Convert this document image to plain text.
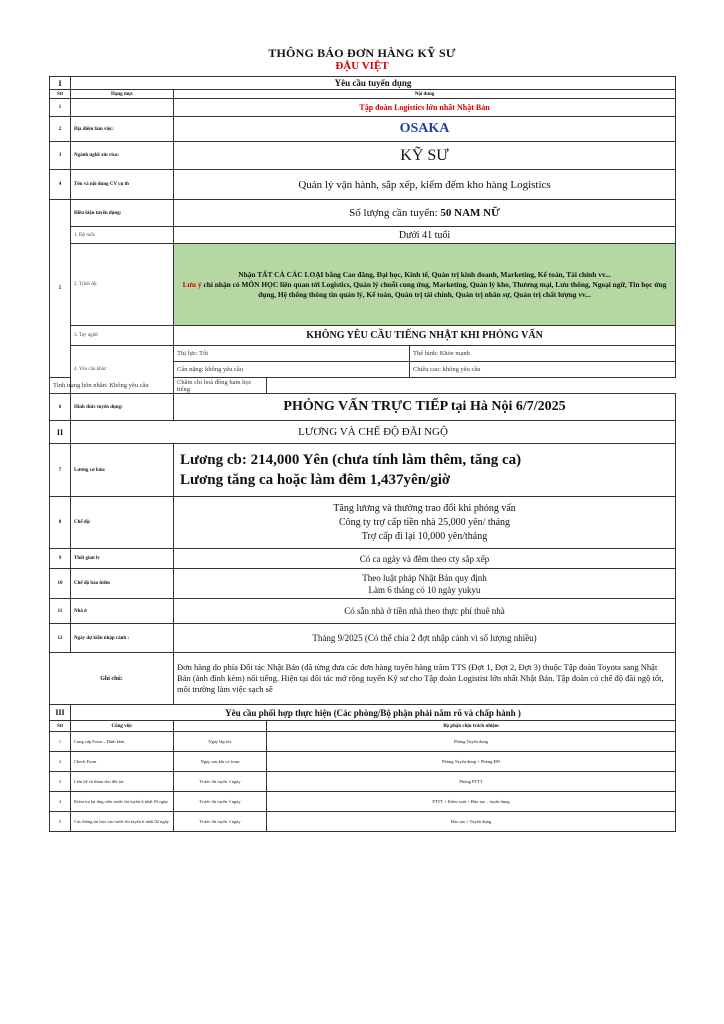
THÔNG BÁO ĐƠN HÀNG KỸ SƯ
ĐẬU VIỆT
I	Yêu cầu tuyển dụng			
Stt	Hạng mục	Nội dung		
1		Tập đoàn Logistics lớn nhất Nhật Bản		
2	Địa điểm làm việc:	OSAKA		
3	Ngành nghề xin visa:	KỸ SƯ		
4	Tên và nội dung CV cụ th	Quản lý vận hành, sắp xếp, kiểm đếm kho hàng Logistics		
5	Điều kiện tuyển dụng:	Số lượng cần tuyển: 50 NAM NỮ		
	1. Độ tuổi:	Dưới 41 tuổi		
	2. Trình độ:	Nhận TẤT CẢ CÁC LOẠI bằng Cao đẳng, Đại học, Kinh tế, Quản trị kinh doanh, Marketing, Kế toán, Tài chính vv...
Lưu ý chỉ nhận có MÔN HỌC liên quan tới Logistics, Quản lý chuỗi cung ứng, Marketing, Quản lý kho, Thương mại, Lưu thông, Ngoại ngữ, Tin học ứng dụng, Hệ thống thông tin quản lý, Kế toán, Quản trị tài chính, Quản trị nhân sự, Quản trị chất lượng vv...		

	3. Tay nghề:	KHÔNG YÊU CẦU TIẾNG NHẬT KHI PHỎNG VẤN		
	4. Yêu cầu khác:	Thị lực: Tốt		Thể hình: Khỏe mạnh
		Cân nặng: không yêu cầu		Chiều cao: không yêu cầu
Tình trạng hôn nhân: Không yêu cầu		Chăm chỉ hoà đồng ham học tiếng		
6	Hình thức tuyển dụng:	PHỎNG VẤN TRỰC TIẾP tại Hà Nội 6/7/2025		
II	LƯƠNG VÀ CHẾ ĐỘ ĐÃI NGỘ			
7	Lương cơ bản:	Lương cb: 214,000 Yên (chưa tính làm thêm, tăng ca)
Lương tăng ca hoặc làm đêm 1,437yên/giờ		

8	Chế độ:	Tăng lương và thưởng trao đổi khi phỏng vấn
Công ty trợ cấp tiền nhà 25,000 yên/ tháng
Trợ cấp đi lại 10,000 yên/tháng		

9	Thời gian lv	Có ca ngày và đêm theo cty sắp xếp		
10	Chế độ bảo hiểm	Theo luật pháp Nhật Bản quy định
Làm 6 tháng có 10 ngày yukyu		

11	Nhà ở	Có sẵn nhà ở tiền nhà theo thực phí thuê nhà		
12	Ngày dự kiến nhập cảnh :	Tháng 9/2025 (Có thể chia 2 đợt nhập cảnh vì số lượng nhiều)		
Ghi chú:		Đơn hàng do phía Đối tác Nhật Bản (đã từng đưa các đơn hàng tuyển hàng trăm TTS (Đợt 1, Đợt 2, Đợt 3) thuộc Tập đoàn Toyota sang Nhật Bản (ảnh đính kèm) nối tiếng. Hiện tại đối tác mở rộng tuyển Kỹ sư cho Tập đoàn Logistist lớn nhất Nhật Bản. Tập đoàn có chế độ đãi ngộ tốt, môi trường làm việc sạch sẽ		
III	Yêu cầu phối hợp thực hiện (Các phòng/Bộ phận phải nắm rõ và chấp hành )			
Stt	Công việc		Bộ phận chịu trách nhiệm	
1	Cung cấp Form – Dinh kèm	Ngay lập tức	Phòng Tuyển dụng	
2	Check Form	Ngay sau khi có form	Phòng Tuyển dụng + Phòng ĐN	
3	Liên hệ và thảm cho đối tác	Trước thi tuyển 3 ngày	Phòng PTTT	
4	Kiểm tra lại ứng viên trước thi tuyển ít nhất 03 ngày	Trước thi tuyển 3 ngày	PTTT + Kiểm soát + Đào tạo – tuyển dụng	
5	Các thông tin báo cáo trước thi tuyển ít nhất 02 ngày	Trước thi tuyển 3 ngày	Đào tạo + Tuyển dụng	
